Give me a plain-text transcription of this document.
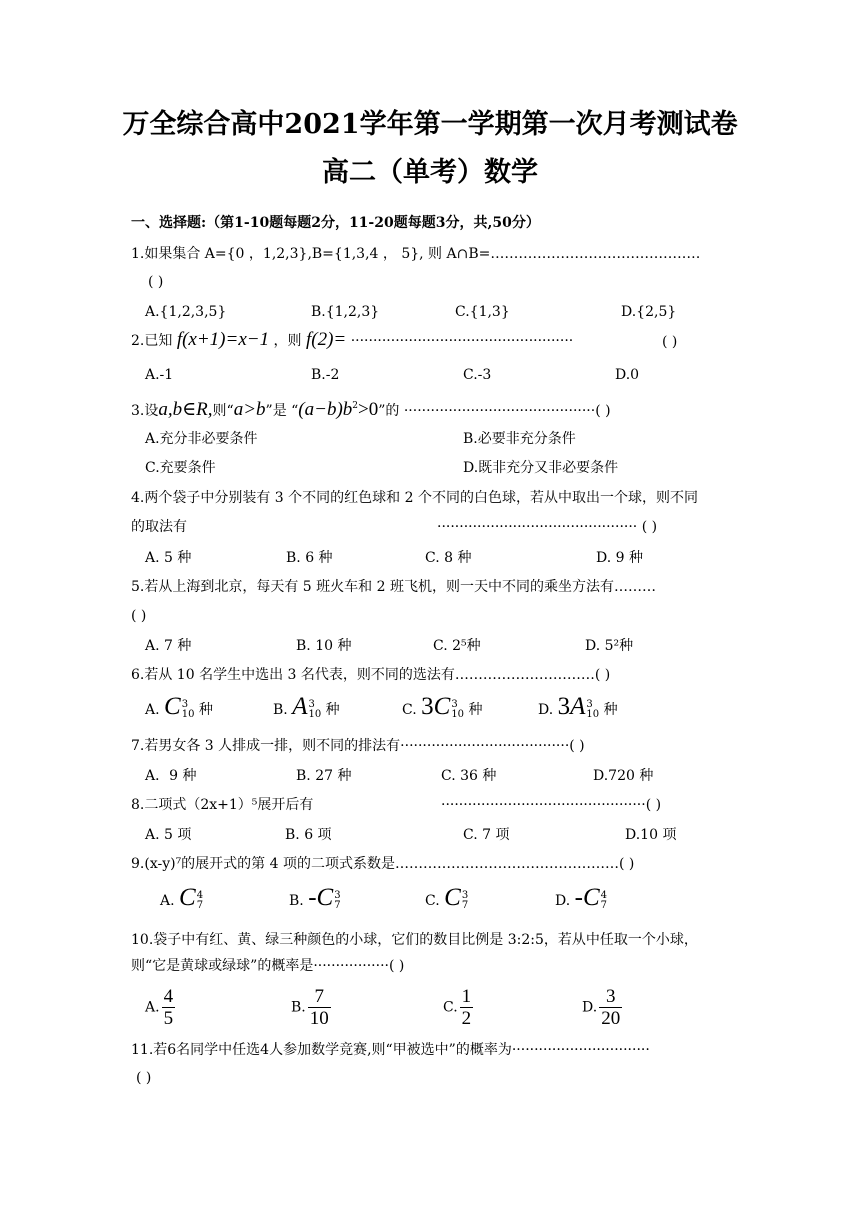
万全综合高中2021学年第一学期第一次月考测试卷
高二（单考）数学
一、选择题:（第1-10题每题2分，11-20题每题3分，共,50分）
1.如果集合 A={0 ，1,2,3},B={1,3,4 ， 5}, 则 A∩B=………………………………………
( )
A.{1,2,3,5}	B.{1,2,3}	C.{1,3}	D.{2,5}
2.已知 f(x+1)=x−1 ，则 f(2)= ··················································	( )
A.-1	B.-2	C.-3	D.0
3.设a,b∈R,则“a>b”是 “$(a-b)b^2>0$”的 ···········································( )
A.充分非必要条件	B.必要非充分条件
C.充要条件	D.既非充分又非必要条件
4.两个袋子中分别装有 3 个不同的红色球和 2 个不同的白色球，若从中取出一个球，则不同
的取法有	············································· ( )
A. 5 种	B. 6 种	C. 8 种	D. 9 种
5.若从上海到北京，每天有 5 班火车和 2 班飞机，则一天中不同的乘坐方法有………
( )
A. 7 种	B. 10 种	C. 2⁵种	D. 5²种
6.若从 10 名学生中选出 3 名代表，则不同的选法有…………………………( )
A. C 3
10 种	B. A 3
10 种	C. 3C 3
10 种	D. 3A 3
10 种
7.若男女各 3 人排成一排，则不同的排法有······································( )
A．9 种	B. 27 种	C. 36 种	D.720 种
8.二项式（2x+1）⁵展开后有	··············································( )
A. 5 项	B. 6 项	C. 7 项	D.10 项
9.(x-y)⁷的展开式的第 4 项的二项式系数是…………………………………………( )
A. C 4
7	B. -C 3
7	C. C 3
7	D. -C 4
7
10.袋子中有红、黄、绿三种颜色的小球，它们的数目比例是 3:2:5，若从中任取一个小球，
则“它是黄球或绿球”的概率是·················( )
A. $\frac{4}{5}$	B. $\frac{7}{10}$	C. $\frac{1}{2}$	D. $\frac{3}{20}$
11.若6名同学中任选4人参加数学竞赛,则“甲被选中”的概率为·······························
( )
